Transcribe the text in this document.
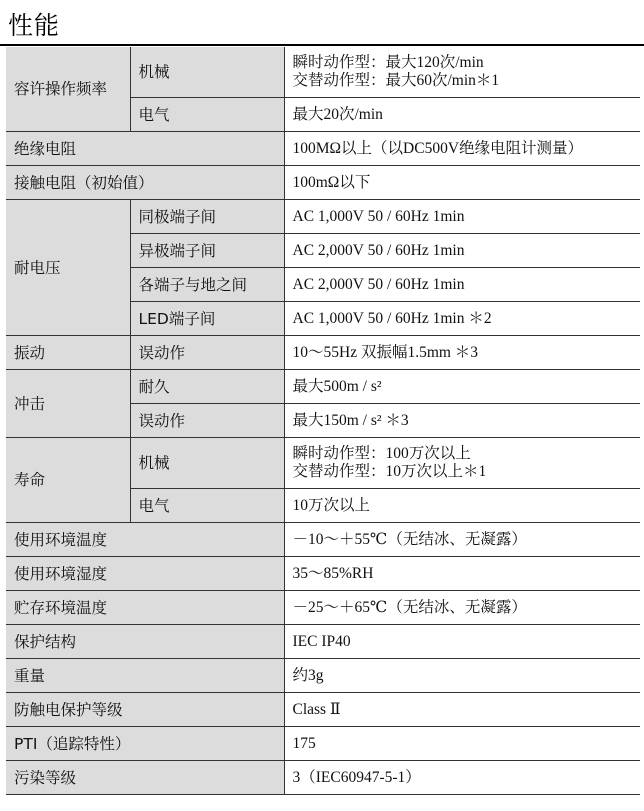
性能
容许操作频率	机械	瞬时动作型：最大120次/min
交替动作型：最大60次/min＊1

	电气	最大20次/min
绝缘电阻		100MΩ以上（以DC500V绝缘电阻计测量）
接触电阻（初始值）		100mΩ以下
耐电压	同极端子间	AC 1,000V 50 / 60Hz 1min
	异极端子间	AC 2,000V 50 / 60Hz 1min
	各端子与地之间	AC 2,000V 50 / 60Hz 1min
	LED端子间	AC 1,000V 50 / 60Hz 1min ＊2
振动	误动作	10～55Hz 双振幅1.5mm ＊3
冲击	耐久	最大500m / s²
	误动作	最大150m / s² ＊3
寿命	机械	瞬时动作型：100万次以上
交替动作型：10万次以上＊1

	电气	10万次以上
使用环境温度		－10～＋55℃（无结冰、无凝露）
使用环境湿度		35～85%RH
贮存环境温度		－25～＋65℃（无结冰、无凝露）
保护结构		IEC IP40
重量		约3g
防触电保护等级		Class Ⅱ
PTI（追踪特性）		175
污染等级		3（IEC60947-5-1）
